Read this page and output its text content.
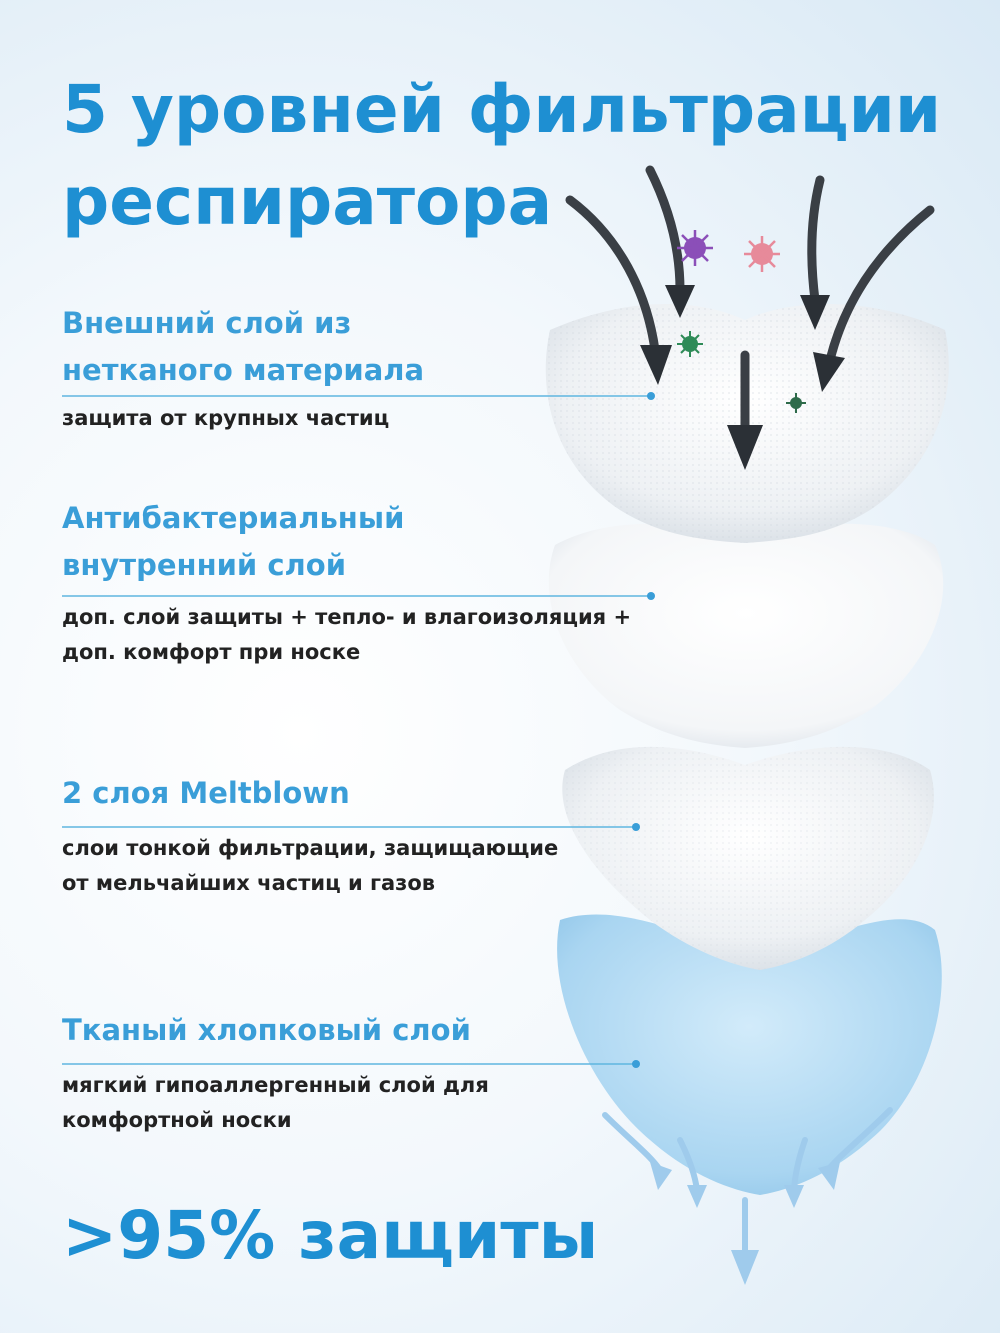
5 уровней фильтрации
респиратора
Внешний слой из
нетканого материала

защита от крупных частиц

Антибактериальный
внутренний слой

доп. слой защиты + тепло- и влагоизоляция +
доп. комфорт при носке

2 слоя Meltblown

слои тонкой фильтрации, защищающие
от мельчайших частиц и газов

Тканый хлопковый слой

мягкий гипоаллергенный слой для
комфортной носки

>95% защиты
